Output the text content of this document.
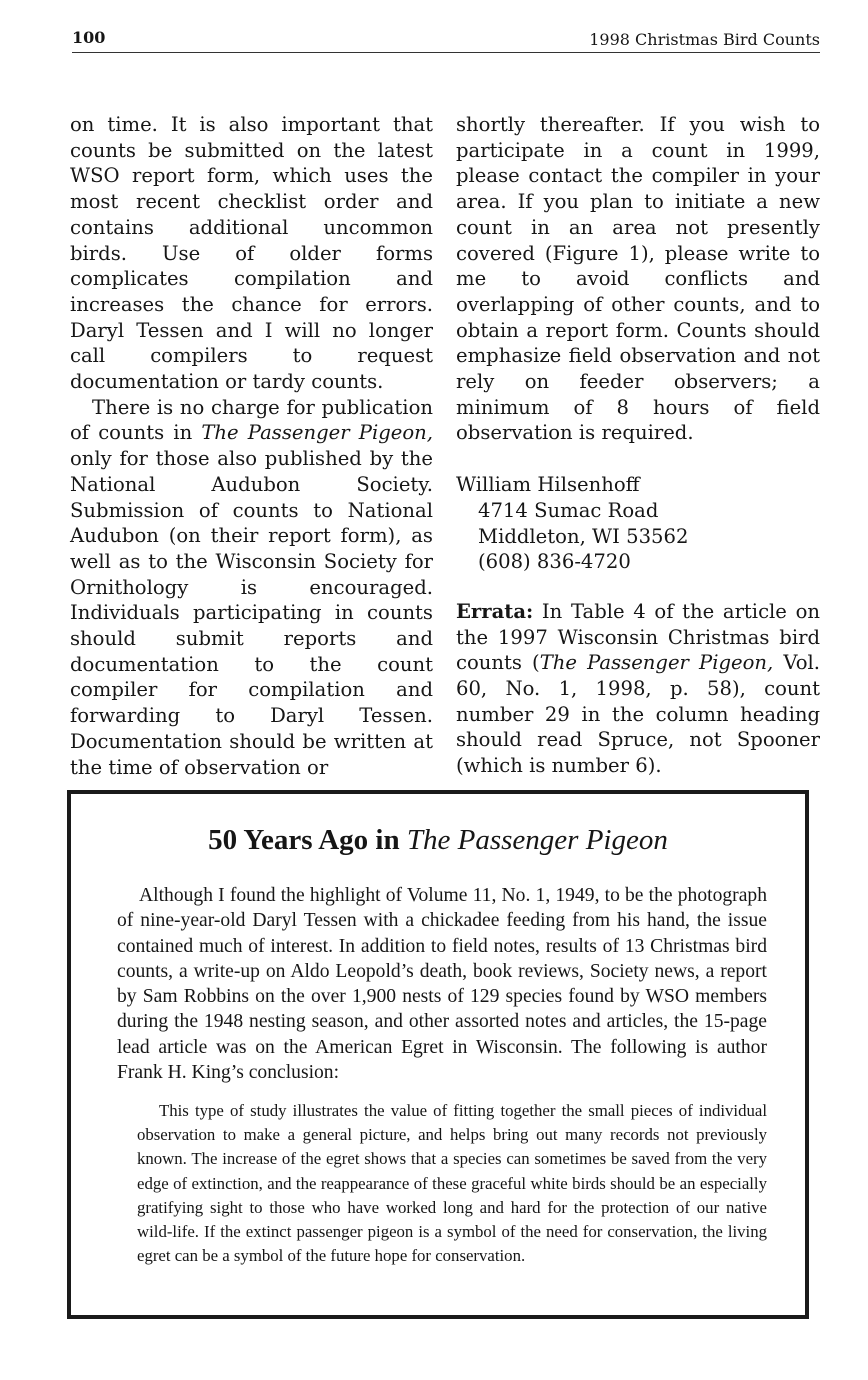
100	1998 Christmas Bird Counts

on time. It is also important that counts be submitted on the latest WSO report form, which uses the most recent checklist order and contains additional uncommon birds. Use of older forms complicates compilation and increases the chance for errors. Daryl Tessen and I will no longer call compilers to request documentation or tardy counts.

There is no charge for publication of counts in The Passenger Pigeon, only for those also published by the National Audubon Society. Submission of counts to National Audubon (on their report form), as well as to the Wisconsin Society for Ornithology is encouraged. Individuals participating in counts should submit reports and documentation to the count compiler for compilation and forwarding to Daryl Tessen. Documentation should be written at the time of observation or

shortly thereafter. If you wish to participate in a count in 1999, please contact the compiler in your area. If you plan to initiate a new count in an area not presently covered (Figure 1), please write to me to avoid conflicts and overlapping of other counts, and to obtain a report form. Counts should emphasize field observation and not rely on feeder observers; a minimum of 8 hours of field observation is required.

William Hilsenhoff
4714 Sumac Road
Middleton, WI 53562
(608) 836-4720

Errata: In Table 4 of the article on the 1997 Wisconsin Christmas bird counts (The Passenger Pigeon, Vol. 60, No. 1, 1998, p. 58), count number 29 in the column heading should read Spruce, not Spooner (which is number 6).

50 Years Ago in The Passenger Pigeon

Although I found the highlight of Volume 11, No. 1, 1949, to be the photograph of nine-year-old Daryl Tessen with a chickadee feeding from his hand, the issue contained much of interest. In addition to field notes, results of 13 Christmas bird counts, a write-up on Aldo Leopold’s death, book reviews, Society news, a report by Sam Robbins on the over 1,900 nests of 129 species found by WSO members during the 1948 nesting season, and other assorted notes and articles, the 15-page lead article was on the American Egret in Wisconsin. The following is author Frank H. King’s conclusion:

This type of study illustrates the value of fitting together the small pieces of individual observation to make a general picture, and helps bring out many records not previously known. The increase of the egret shows that a species can sometimes be saved from the very edge of extinction, and the reappearance of these graceful white birds should be an especially gratifying sight to those who have worked long and hard for the protection of our native wild-life. If the extinct passenger pigeon is a symbol of the need for conservation, the living egret can be a symbol of the future hope for conservation.
